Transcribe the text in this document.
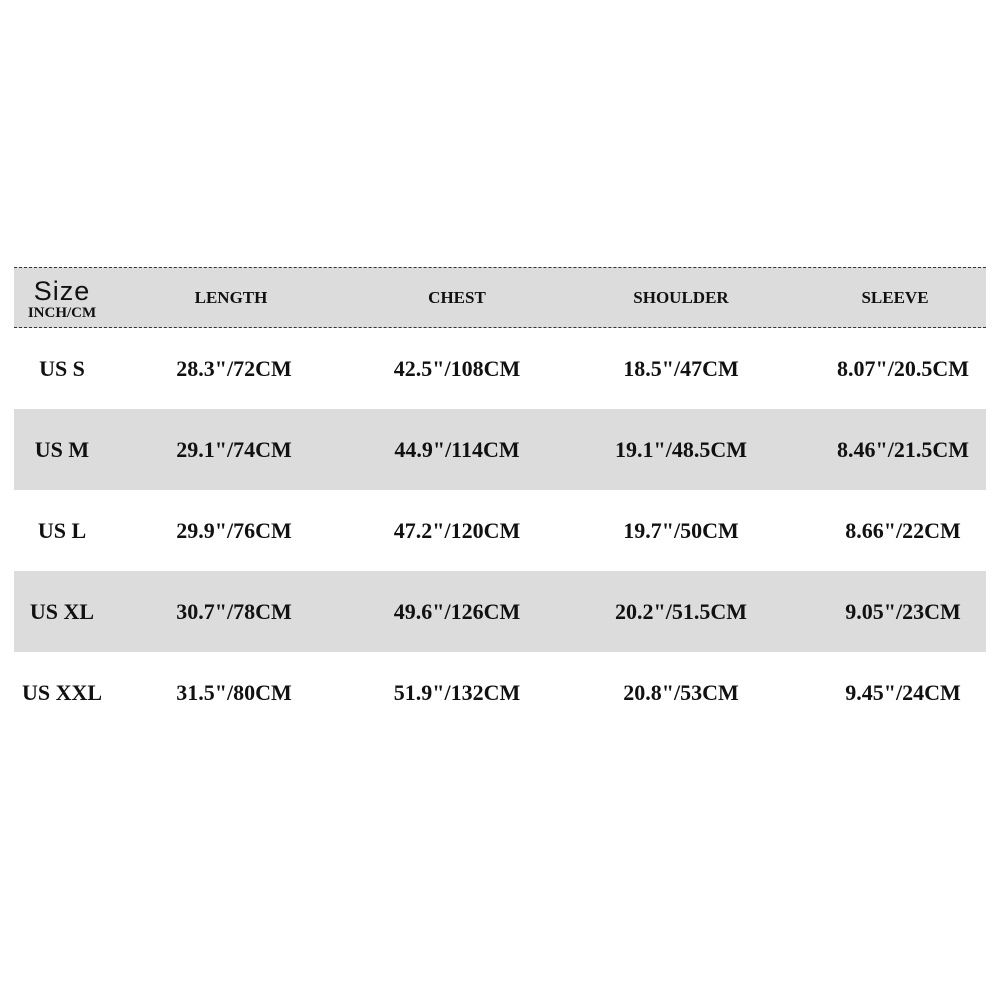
Size
INCH/CM
LENGTH	CHEST	SHOULDER	SLEEVE
US S	28.3"/72CM	42.5"/108CM	18.5"/47CM	8.07"/20.5CM
US M	29.1"/74CM	44.9"/114CM	19.1"/48.5CM	8.46"/21.5CM
US L	29.9"/76CM	47.2"/120CM	19.7"/50CM	8.66"/22CM
US XL	30.7"/78CM	49.6"/126CM	20.2"/51.5CM	9.05"/23CM
US XXL	31.5"/80CM	51.9"/132CM	20.8"/53CM	9.45"/24CM
